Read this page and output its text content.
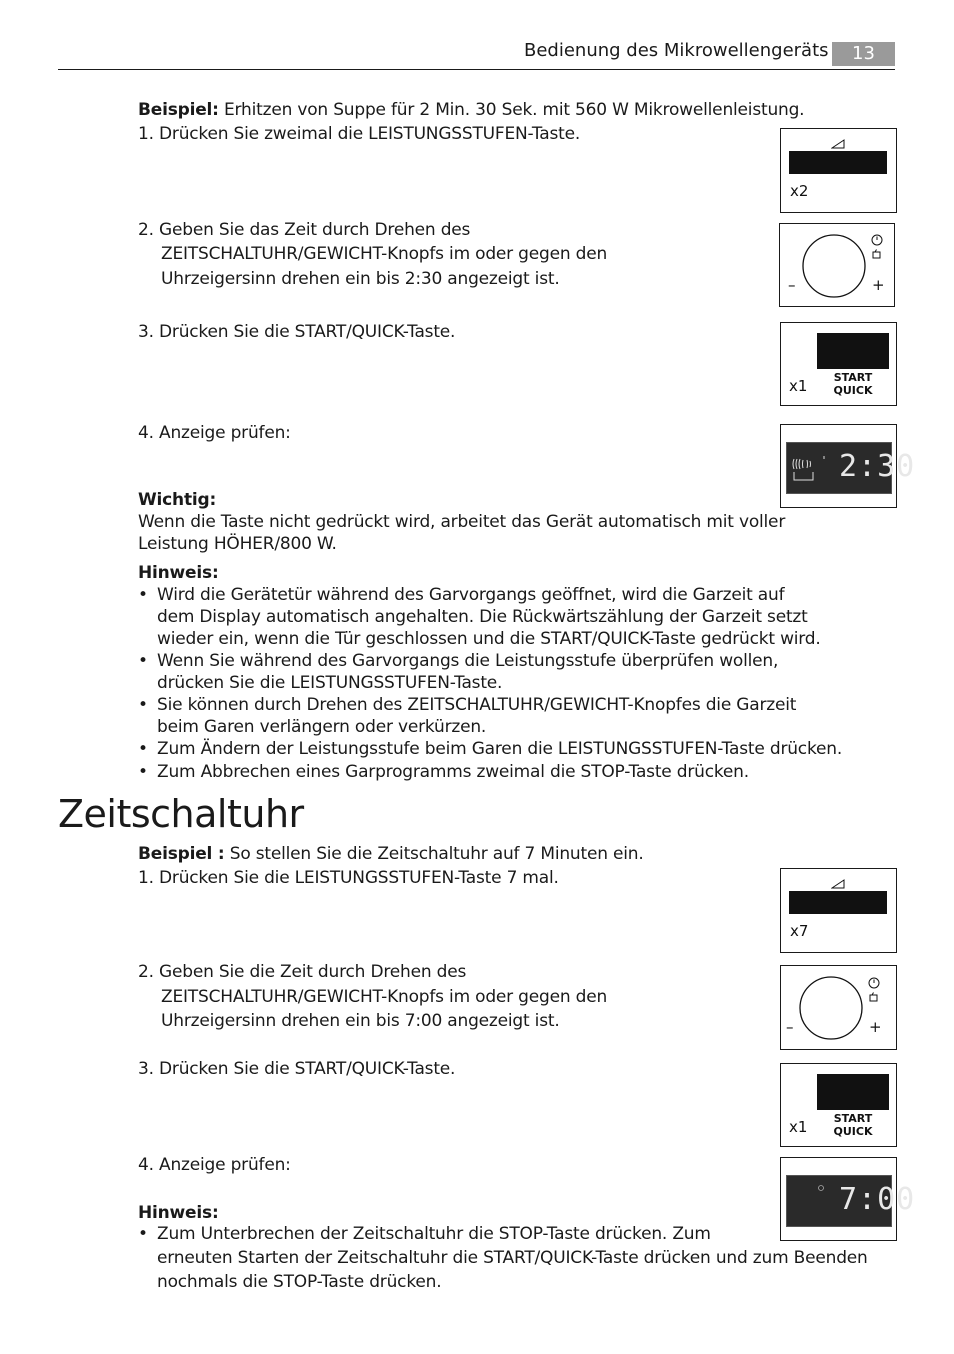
Bedienung des Mikrowellengeräts	13
Beispiel: Erhitzen von Suppe für 2 Min. 30 Sek. mit 560 W Mikrowellenleistung.
1. Drücken Sie zweimal die LEISTUNGSSTUFEN-Taste.
2. Geben Sie das Zeit durch Drehen des
ZEITSCHALTUHR/GEWICHT-Knopfs im oder gegen den
Uhrzeigersinn drehen ein bis 2:30 angezeigt ist.
3. Drücken Sie die START/QUICK-Taste.
4. Anzeige prüfen:
Wichtig:
Wenn die Taste nicht gedrückt wird, arbeitet das Gerät automatisch mit voller
Leistung HÖHER/800 W.
Hinweis:
• Wird die Gerätetür während des Garvorgangs geöffnet, wird die Garzeit auf
dem Display automatisch angehalten. Die Rückwärtszählung der Garzeit setzt
wieder ein, wenn die Tür geschlossen und die START/QUICK-Taste gedrückt wird.
• Wenn Sie während des Garvorgangs die Leistungsstufe überprüfen wollen,
drücken Sie die LEISTUNGSSTUFEN-Taste.
• Sie können durch Drehen des ZEITSCHALTUHR/GEWICHT-Knopfes die Garzeit
beim Garen verlängern oder verkürzen.
• Zum Ändern der Leistungsstufe beim Garen die LEISTUNGSSTUFEN-Taste drücken.
• Zum Abbrechen eines Garprogramms zweimal die STOP-Taste drücken.
x2
–	+
x1	START
QUICK
2:30
Zeitschaltuhr
Beispiel : So stellen Sie die Zeitschaltuhr auf 7 Minuten ein.
1. Drücken Sie die LEISTUNGSSTUFEN-Taste 7 mal.
2. Geben Sie die Zeit durch Drehen des
ZEITSCHALTUHR/GEWICHT-Knopfs im oder gegen den
Uhrzeigersinn drehen ein bis 7:00 angezeigt ist.
3. Drücken Sie die START/QUICK-Taste.
4. Anzeige prüfen:
Hinweis:
• Zum Unterbrechen der Zeitschaltuhr die STOP-Taste drücken. Zum
erneuten Starten der Zeitschaltuhr die START/QUICK-Taste drücken und zum Beenden
nochmals die STOP-Taste drücken.
x7
–	+
x1	START
QUICK
7:00
